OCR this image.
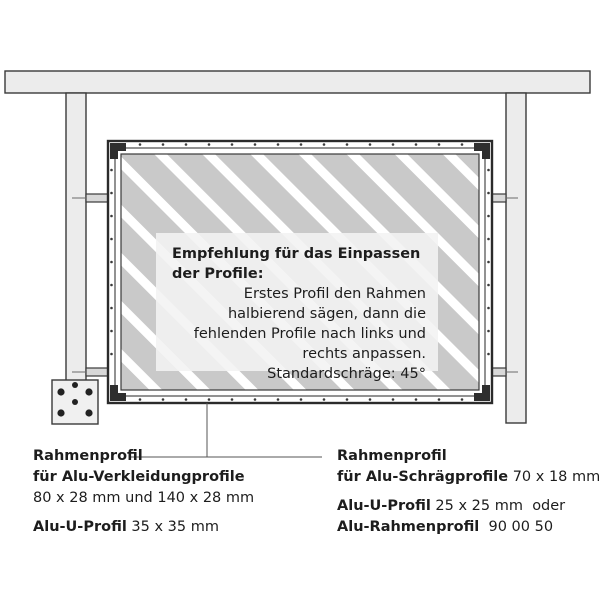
Empfehlung für das Einpassen der Profile:
Erstes Profil den Rahmen halbierend sägen, dann die fehlenden Profile nach links und rechts anpassen. Standardschräge: 45°
Rahmenprofil
für Alu-Verkleidungprofile
80 x 28 mm und 140 x 28 mm
Alu-U-Profil 35 x 35 mm
Rahmenprofil
für Alu-Schrägprofile 70 x 18 mm
Alu-U-Profil 25 x 25 mm oder
Alu-Rahmenprofil 90 00 50
